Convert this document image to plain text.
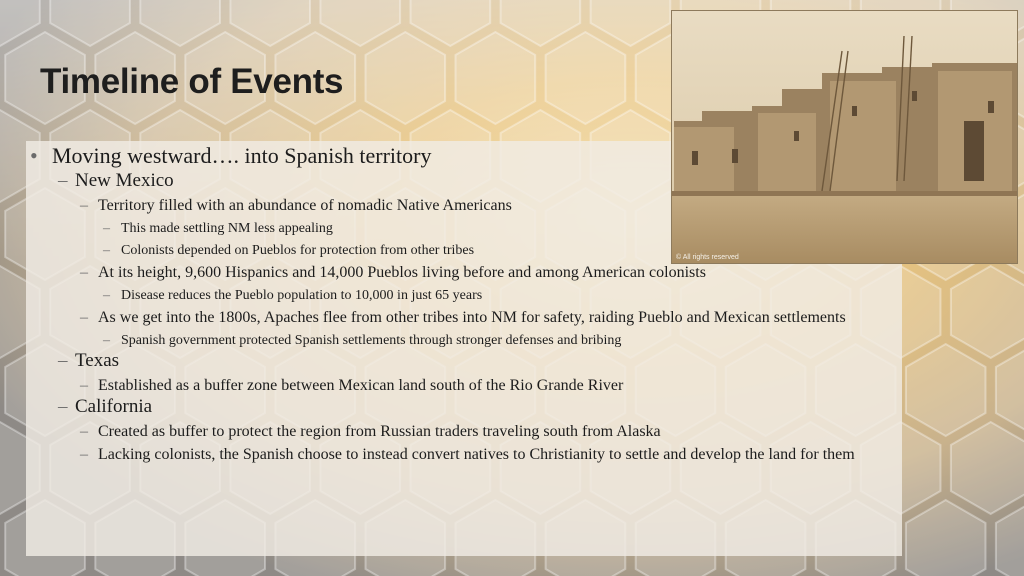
Timeline of Events
© All rights reserved
• Moving westward…. into Spanish territory
– New Mexico
– Territory filled with an abundance of nomadic Native Americans
– This made settling NM less appealing
– Colonists depended on Pueblos for protection from other tribes
– At its height, 9,600 Hispanics and 14,000 Pueblos living before and among American colonists
– Disease reduces the Pueblo population to 10,000 in just 65 years
– As we get into the 1800s, Apaches flee from other tribes into NM for safety, raiding Pueblo and Mexican settlements
– Spanish government protected Spanish settlements through stronger defenses and bribing
– Texas
– Established as a buffer zone between Mexican land south of the Rio Grande River
– California
– Created as buffer to protect the region from Russian traders traveling south from Alaska
– Lacking colonists, the Spanish choose to instead convert natives to Christianity to settle and develop the land for them
